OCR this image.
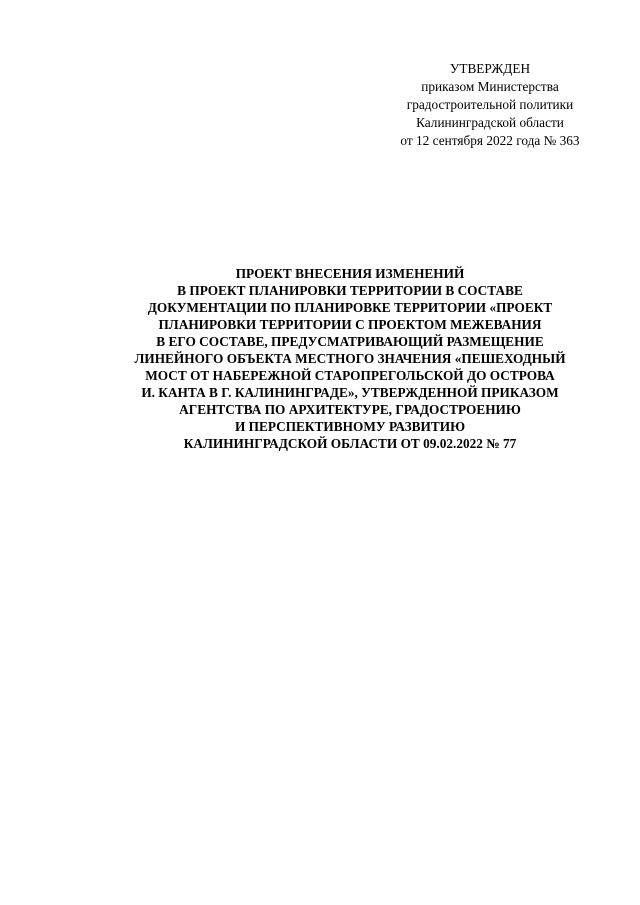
УТВЕРЖДЕН
приказом Министерства
градостроительной политики
Калининградской области
от 12 сентября 2022 года № 363
ПРОЕКТ ВНЕСЕНИЯ ИЗМЕНЕНИЙ
В ПРОЕКТ ПЛАНИРОВКИ ТЕРРИТОРИИ В СОСТАВЕ
ДОКУМЕНТАЦИИ ПО ПЛАНИРОВКЕ ТЕРРИТОРИИ «ПРОЕКТ
ПЛАНИРОВКИ ТЕРРИТОРИИ С ПРОЕКТОМ МЕЖЕВАНИЯ
В ЕГО СОСТАВЕ, ПРЕДУСМАТРИВАЮЩИЙ РАЗМЕЩЕНИЕ
ЛИНЕЙНОГО ОБЪЕКТА МЕСТНОГО ЗНАЧЕНИЯ «ПЕШЕХОДНЫЙ
МОСТ ОТ НАБЕРЕЖНОЙ СТАРОПРЕГОЛЬСКОЙ ДО ОСТРОВА
И. КАНТА В Г. КАЛИНИНГРАДЕ», УТВЕРЖДЕННОЙ ПРИКАЗОМ
АГЕНТСТВА ПО АРХИТЕКТУРЕ, ГРАДОСТРОЕНИЮ
И ПЕРСПЕКТИВНОМУ РАЗВИТИЮ
КАЛИНИНГРАДСКОЙ ОБЛАСТИ ОТ 09.02.2022 № 77
